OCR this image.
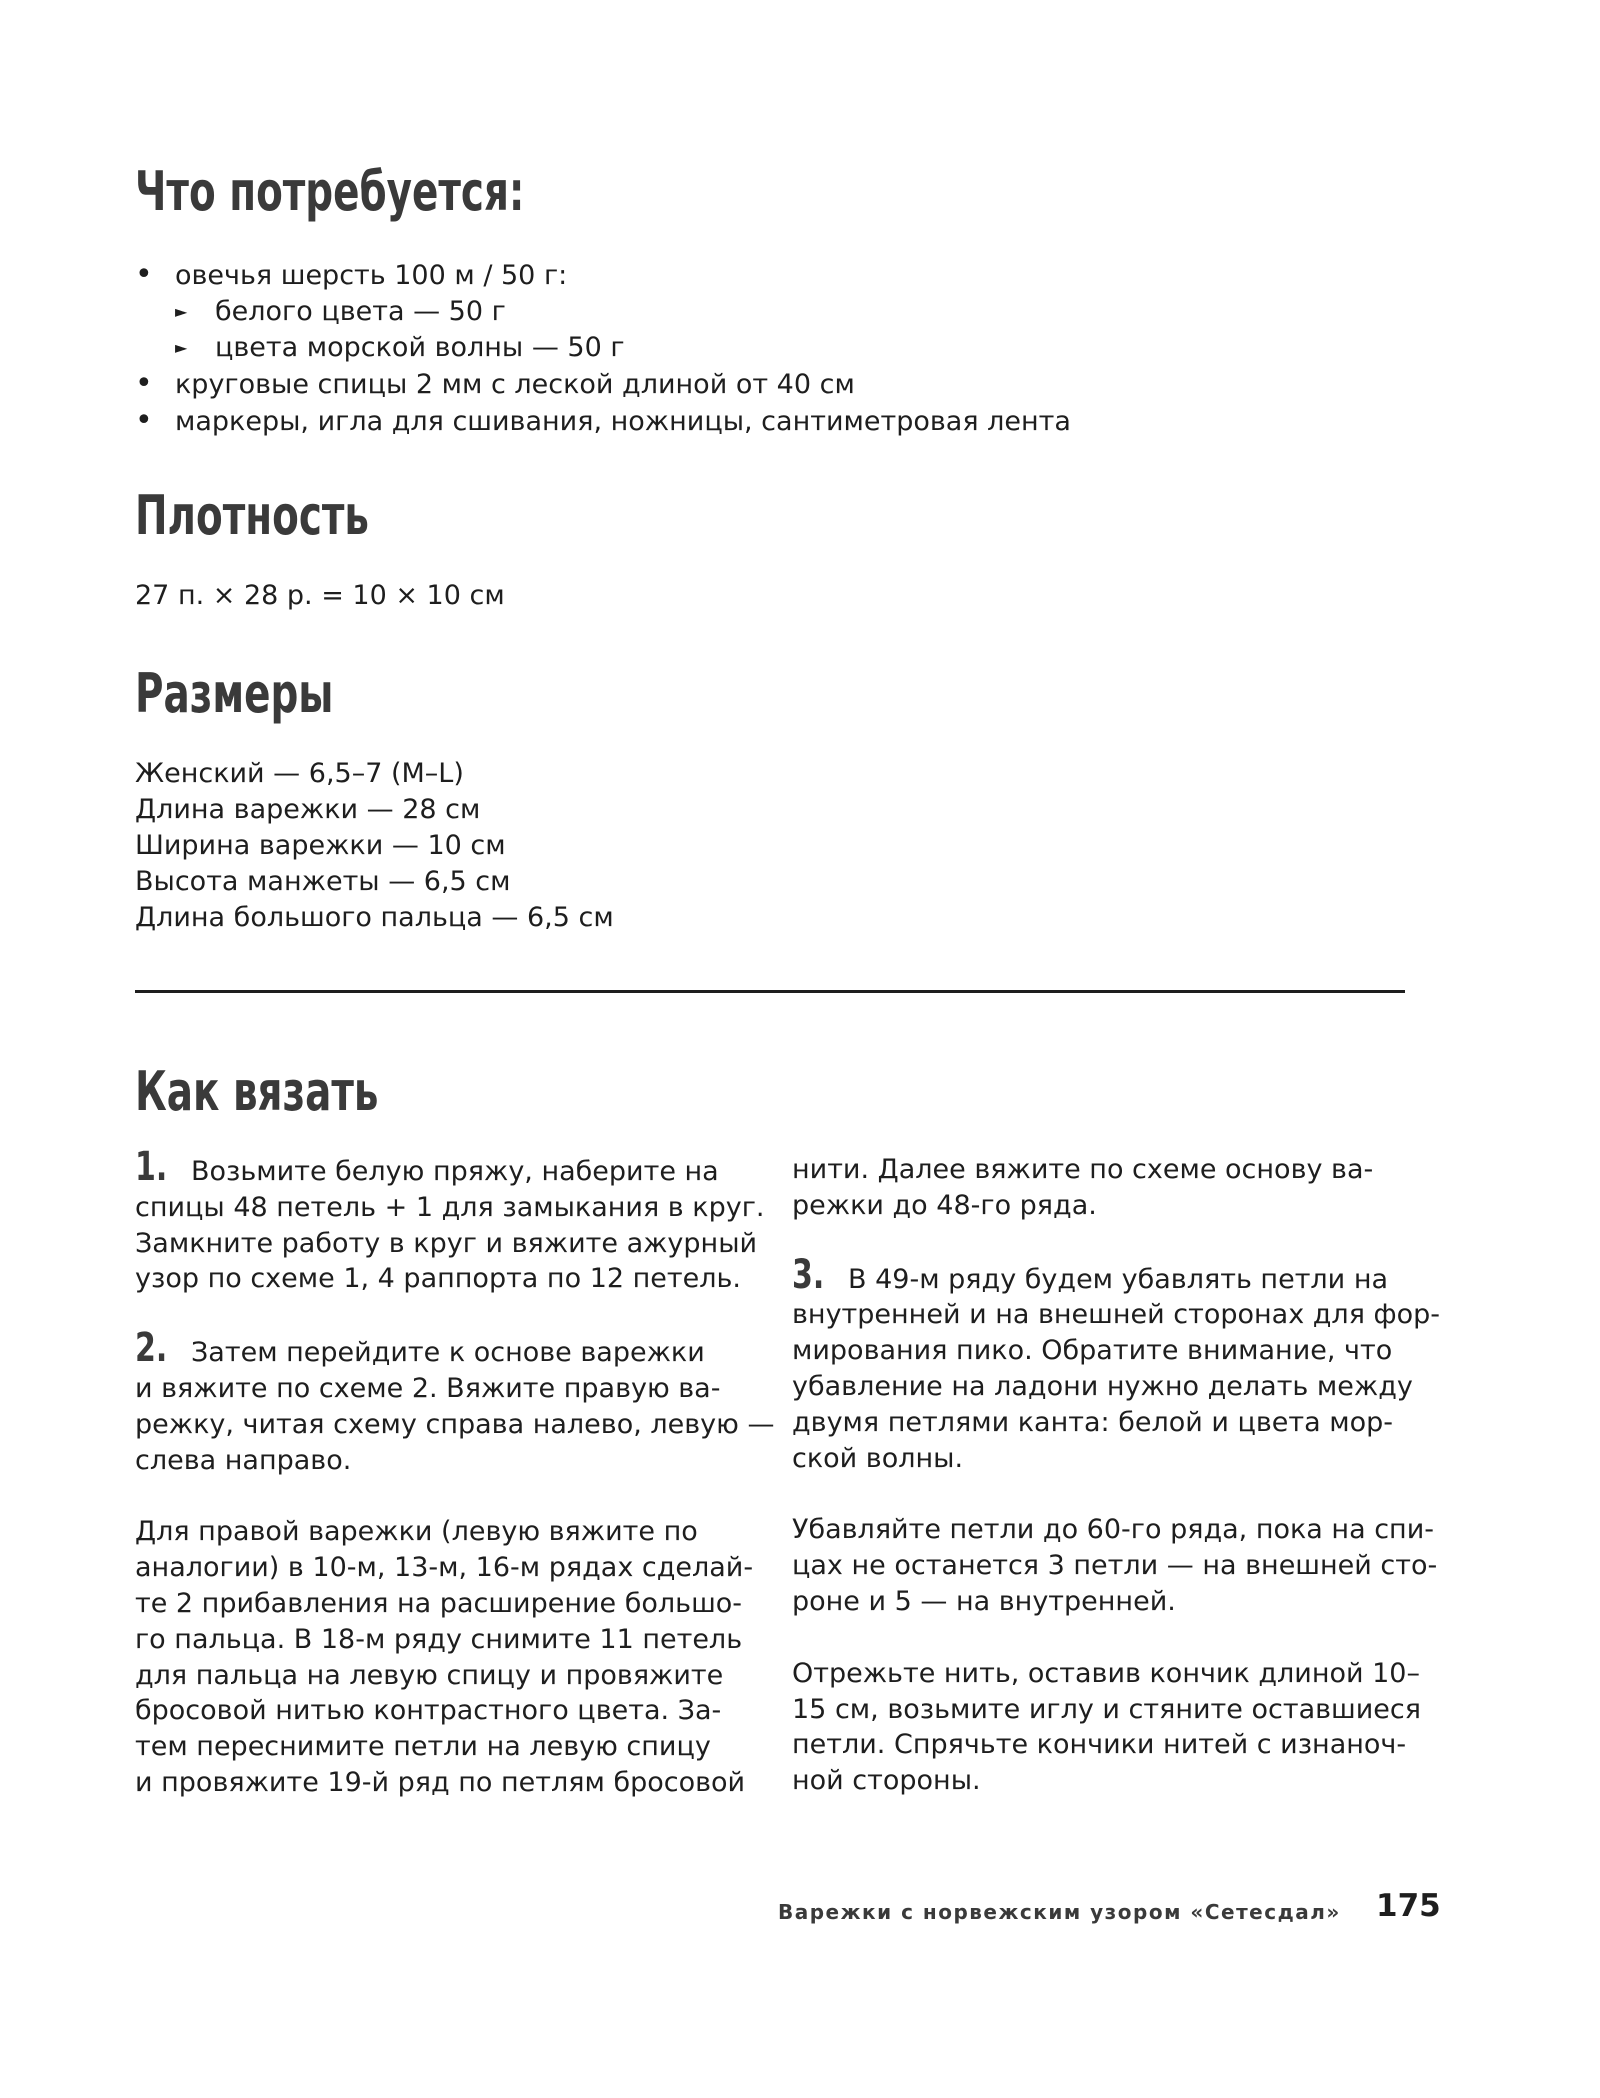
Что потребуется:
• овечья шерсть 100 м / 50 г:
► белого цвета — 50 г
► цвета морской волны — 50 г
• круговые спицы 2 мм с леской длиной от 40 см
• маркеры, игла для сшивания, ножницы, сантиметровая лента
Плотность

27 п. × 28 р. = 10 × 10 см

Размеры
Женский — 6,5–7 (M–L)
Длина варежки — 28 см
Ширина варежки — 10 см
Высота манжеты — 6,5 см
Длина большого пальца — 6,5 см
Как вязать

1. Возьмите белую пряжу, наберите на
спицы 48 петель + 1 для замыкания в круг.
Замкните работу в круг и вяжите ажурный
узор по схеме 1, 4 раппорта по 12 петель.

2. Затем перейдите к основе варежки
и вяжите по схеме 2. Вяжите правую ва-
режку, читая схему справа налево, левую —
слева направо.

Для правой варежки (левую вяжите по
аналогии) в 10-м, 13-м, 16-м рядах сделай-
те 2 прибавления на расширение большо-
го пальца. В 18-м ряду снимите 11 петель
для пальца на левую спицу и провяжите
бросовой нитью контрастного цвета. За-
тем переснимите петли на левую спицу
и провяжите 19-й ряд по петлям бросовой

нити. Далее вяжите по схеме основу ва-
режки до 48-го ряда.

3. В 49-м ряду будем убавлять петли на
внутренней и на внешней сторонах для фор-
мирования пико. Обратите внимание, что
убавление на ладони нужно делать между
двумя петлями канта: белой и цвета мор-
ской волны.

Убавляйте петли до 60-го ряда, пока на спи-
цах не останется 3 петли — на внешней сто-
роне и 5 — на внутренней.

Отрежьте нить, оставив кончик длиной 10–
15 см, возьмите иглу и стяните оставшиеся
петли. Спрячьте кончики нитей с изнаноч-
ной стороны.

Варежки с норвежским узором «Сетесдал» 175
